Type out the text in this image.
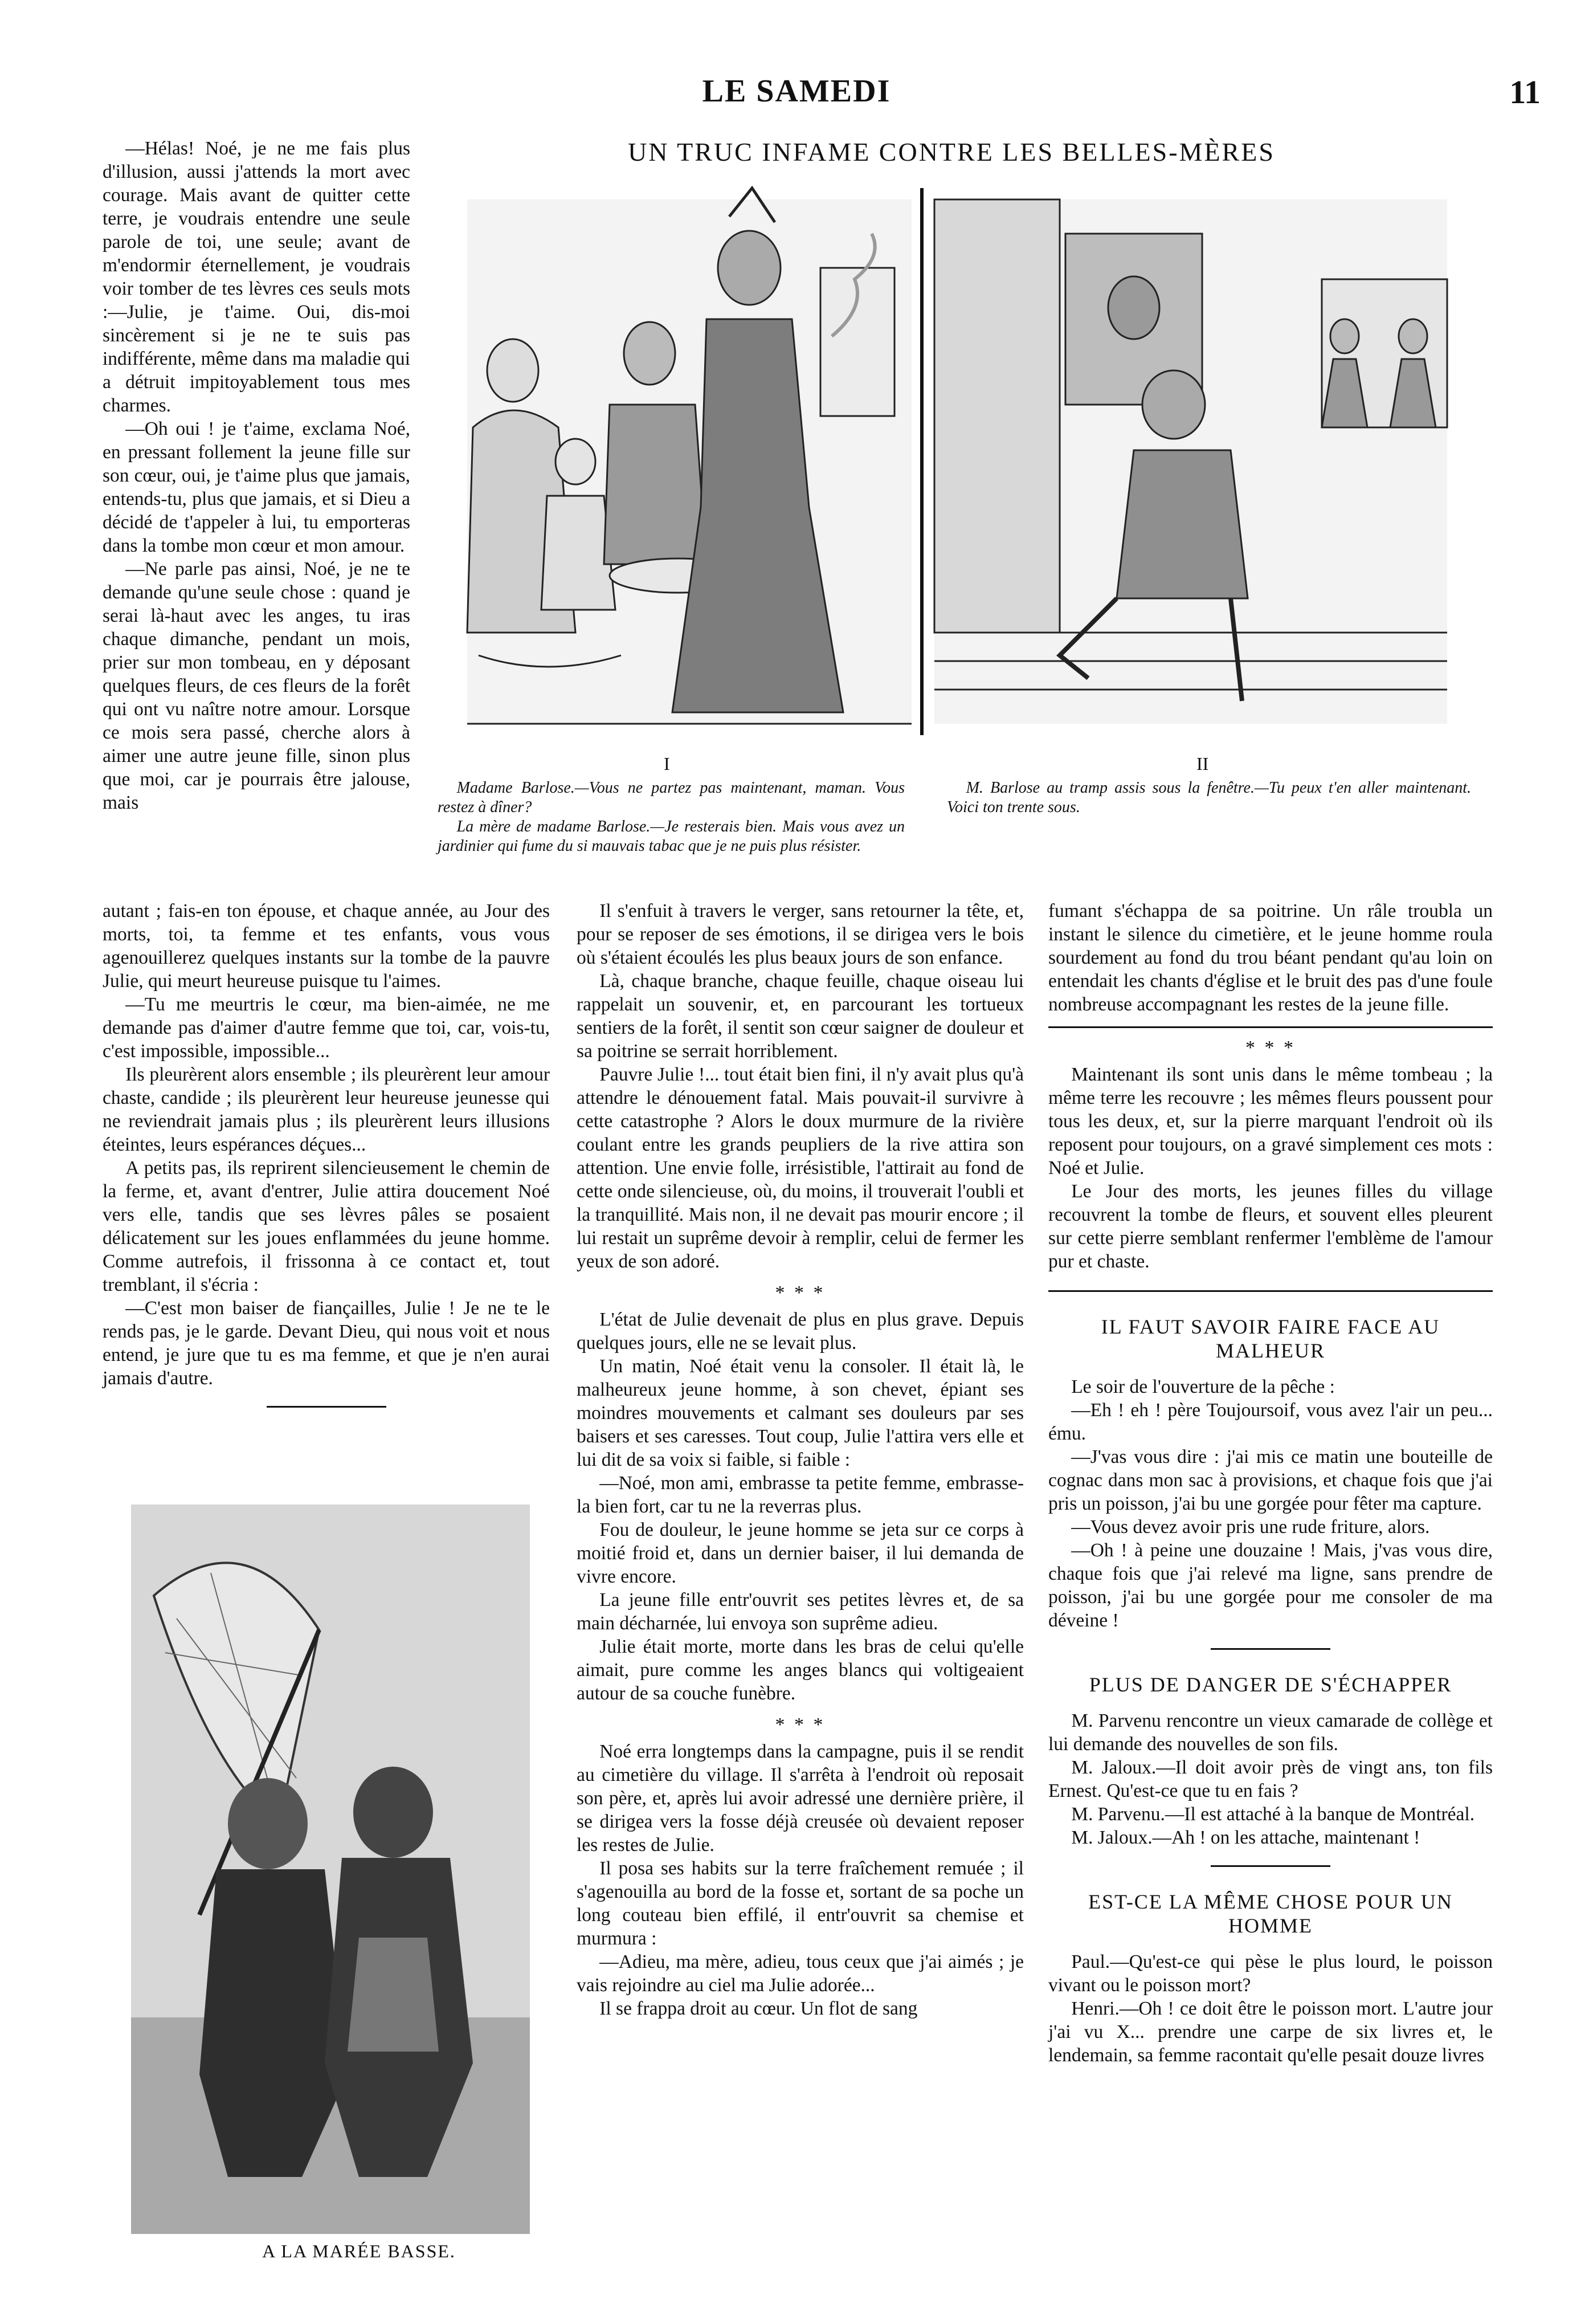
LE SAMEDI	11
UN TRUC INFAME CONTRE LES BELLES-MÈRES
I	II

Madame Barlose.—Vous ne partez pas maintenant, maman. Vous restez à dîner?

La mère de madame Barlose.—Je resterais bien. Mais vous avez un jardinier qui fume du si mauvais tabac que je ne puis plus résister.

M. Barlose au tramp assis sous la fenêtre.—Tu peux t'en aller maintenant. Voici ton trente sous.

—Hélas! Noé, je ne me fais plus d'illusion, aussi j'attends la mort avec courage. Mais avant de quitter cette terre, je voudrais entendre une seule parole de toi, une seule; avant de m'endormir éternellement, je voudrais voir tomber de tes lèvres ces seuls mots :—Julie, je t'aime. Oui, dis-moi sincèrement si je ne te suis pas indifférente, même dans ma maladie qui a détruit impitoyablement tous mes charmes.

—Oh oui ! je t'aime, exclama Noé, en pressant follement la jeune fille sur son cœur, oui, je t'aime plus que jamais, entends-tu, plus que jamais, et si Dieu a décidé de t'appeler à lui, tu emporteras dans la tombe mon cœur et mon amour.

—Ne parle pas ainsi, Noé, je ne te demande qu'une seule chose : quand je serai là-haut avec les anges, tu iras chaque dimanche, pendant un mois, prier sur mon tombeau, en y déposant quelques fleurs, de ces fleurs de la forêt qui ont vu naître notre amour. Lorsque ce mois sera passé, cherche alors à aimer une autre jeune fille, sinon plus que moi, car je pourrais être jalouse, mais

autant ; fais-en ton épouse, et chaque année, au Jour des morts, toi, ta femme et tes enfants, vous vous agenouillerez quelques instants sur la tombe de la pauvre Julie, qui meurt heureuse puisque tu l'aimes.

—Tu me meurtris le cœur, ma bien-aimée, ne me demande pas d'aimer d'autre femme que toi, car, vois-tu, c'est impossible, impossible...

Ils pleurèrent alors ensemble ; ils pleurèrent leur amour chaste, candide ; ils pleurèrent leur heureuse jeunesse qui ne reviendrait jamais plus ; ils pleurèrent leurs illusions éteintes, leurs espérances déçues...

A petits pas, ils reprirent silencieusement le chemin de la ferme, et, avant d'entrer, Julie attira doucement Noé vers elle, tandis que ses lèvres pâles se posaient délicatement sur les joues enflammées du jeune homme. Comme autrefois, il frissonna à ce contact et, tout tremblant, il s'écria :

—C'est mon baiser de fiançailles, Julie ! Je ne te le rends pas, je le garde. Devant Dieu, qui nous voit et nous entend, je jure que tu es ma femme, et que je n'en aurai jamais d'autre.

A LA MARÉE BASSE.

Il s'enfuit à travers le verger, sans retourner la tête, et, pour se reposer de ses émotions, il se dirigea vers le bois où s'étaient écoulés les plus beaux jours de son enfance.

Là, chaque branche, chaque feuille, chaque oiseau lui rappelait un souvenir, et, en parcourant les tortueux sentiers de la forêt, il sentit son cœur saigner de douleur et sa poitrine se serrait horriblement.

Pauvre Julie !... tout était bien fini, il n'y avait plus qu'à attendre le dénouement fatal. Mais pouvait-il survivre à cette catastrophe ? Alors le doux murmure de la rivière coulant entre les grands peupliers de la rive attira son attention. Une envie folle, irrésistible, l'attirait au fond de cette onde silencieuse, où, du moins, il trouverait l'oubli et la tranquillité. Mais non, il ne devait pas mourir encore ; il lui restait un suprême devoir à remplir, celui de fermer les yeux de son adoré.

* * *

L'état de Julie devenait de plus en plus grave. Depuis quelques jours, elle ne se levait plus.

Un matin, Noé était venu la consoler. Il était là, le malheureux jeune homme, à son chevet, épiant ses moindres mouvements et calmant ses douleurs par ses baisers et ses caresses. Tout coup, Julie l'attira vers elle et lui dit de sa voix si faible, si faible :

—Noé, mon ami, embrasse ta petite femme, embrasse-la bien fort, car tu ne la reverras plus.

Fou de douleur, le jeune homme se jeta sur ce corps à moitié froid et, dans un dernier baiser, il lui demanda de vivre encore.

La jeune fille entr'ouvrit ses petites lèvres et, de sa main décharnée, lui envoya son suprême adieu.

Julie était morte, morte dans les bras de celui qu'elle aimait, pure comme les anges blancs qui voltigeaient autour de sa couche funèbre.

* * *

Noé erra longtemps dans la campagne, puis il se rendit au cimetière du village. Il s'arrêta à l'endroit où reposait son père, et, après lui avoir adressé une dernière prière, il se dirigea vers la fosse déjà creusée où devaient reposer les restes de Julie.

Il posa ses habits sur la terre fraîchement remuée ; il s'agenouilla au bord de la fosse et, sortant de sa poche un long couteau bien effilé, il entr'ouvrit sa chemise et murmura :

—Adieu, ma mère, adieu, tous ceux que j'ai aimés ; je vais rejoindre au ciel ma Julie adorée...

Il se frappa droit au cœur. Un flot de sang

fumant s'échappa de sa poitrine. Un râle troubla un instant le silence du cimetière, et le jeune homme roula sourdement au fond du trou béant pendant qu'au loin on entendait les chants d'église et le bruit des pas d'une foule nombreuse accompagnant les restes de la jeune fille.

* * *

Maintenant ils sont unis dans le même tombeau ; la même terre les recouvre ; les mêmes fleurs poussent pour tous les deux, et, sur la pierre marquant l'endroit où ils reposent pour toujours, on a gravé simplement ces mots : Noé et Julie.

Le Jour des morts, les jeunes filles du village recouvrent la tombe de fleurs, et souvent elles pleurent sur cette pierre semblant renfermer l'emblème de l'amour pur et chaste.

IL FAUT SAVOIR FAIRE FACE AU MALHEUR

Le soir de l'ouverture de la pêche :

—Eh ! eh ! père Toujoursoif, vous avez l'air un peu... ému.

—J'vas vous dire : j'ai mis ce matin une bouteille de cognac dans mon sac à provisions, et chaque fois que j'ai pris un poisson, j'ai bu une gorgée pour fêter ma capture.

—Vous devez avoir pris une rude friture, alors.

—Oh ! à peine une douzaine ! Mais, j'vas vous dire, chaque fois que j'ai relevé ma ligne, sans prendre de poisson, j'ai bu une gorgée pour me consoler de ma déveine !

PLUS DE DANGER DE S'ÉCHAPPER

M. Parvenu rencontre un vieux camarade de collège et lui demande des nouvelles de son fils.

M. Jaloux.—Il doit avoir près de vingt ans, ton fils Ernest. Qu'est-ce que tu en fais ?

M. Parvenu.—Il est attaché à la banque de Montréal.

M. Jaloux.—Ah ! on les attache, maintenant !

EST-CE LA MÊME CHOSE POUR UN HOMME

Paul.—Qu'est-ce qui pèse le plus lourd, le poisson vivant ou le poisson mort?

Henri.—Oh ! ce doit être le poisson mort. L'autre jour j'ai vu X... prendre une carpe de six livres et, le lendemain, sa femme racontait qu'elle pesait douze livres
